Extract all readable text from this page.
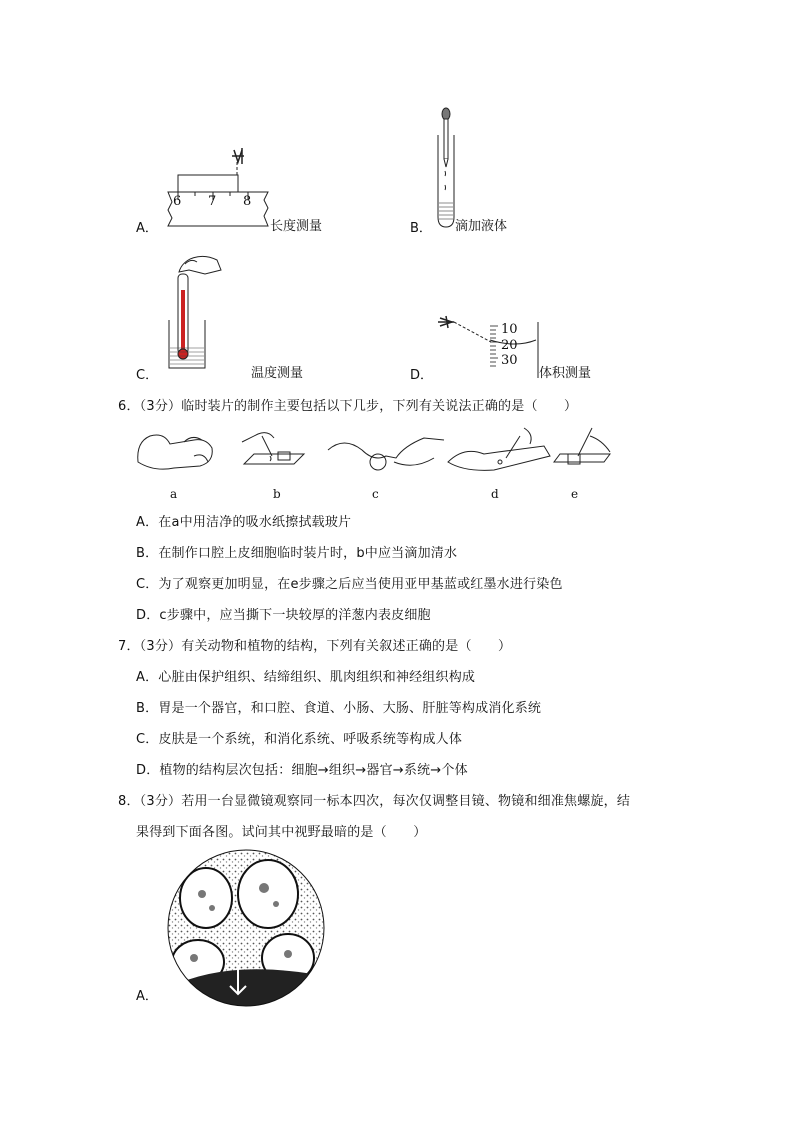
6 7 8
A．	长度测量	B． 滴加液体
C．	温度测量
10
20
30
D．	体积测量
6．（3分）临时装片的制作主要包括以下几步，下列有关说法正确的是（　　）
a	b	c	d	e
A．在a中用洁净的吸水纸擦拭载玻片
B．在制作口腔上皮细胞临时装片时，b中应当滴加清水
C．为了观察更加明显，在e步骤之后应当使用亚甲基蓝或红墨水进行染色
D．c步骤中，应当撕下一块较厚的洋葱内表皮细胞
7．（3分）有关动物和植物的结构，下列有关叙述正确的是（　　）
A．心脏由保护组织、结缔组织、肌肉组织和神经组织构成
B．胃是一个器官，和口腔、食道、小肠、大肠、肝脏等构成消化系统
C．皮肤是一个系统，和消化系统、呼吸系统等构成人体
D．植物的结构层次包括：细胞→组织→器官→系统→个体
8．（3分）若用一台显微镜观察同一标本四次，每次仅调整目镜、物镜和细准焦螺旋，结
果得到下面各图。试问其中视野最暗的是（　　）
A．
